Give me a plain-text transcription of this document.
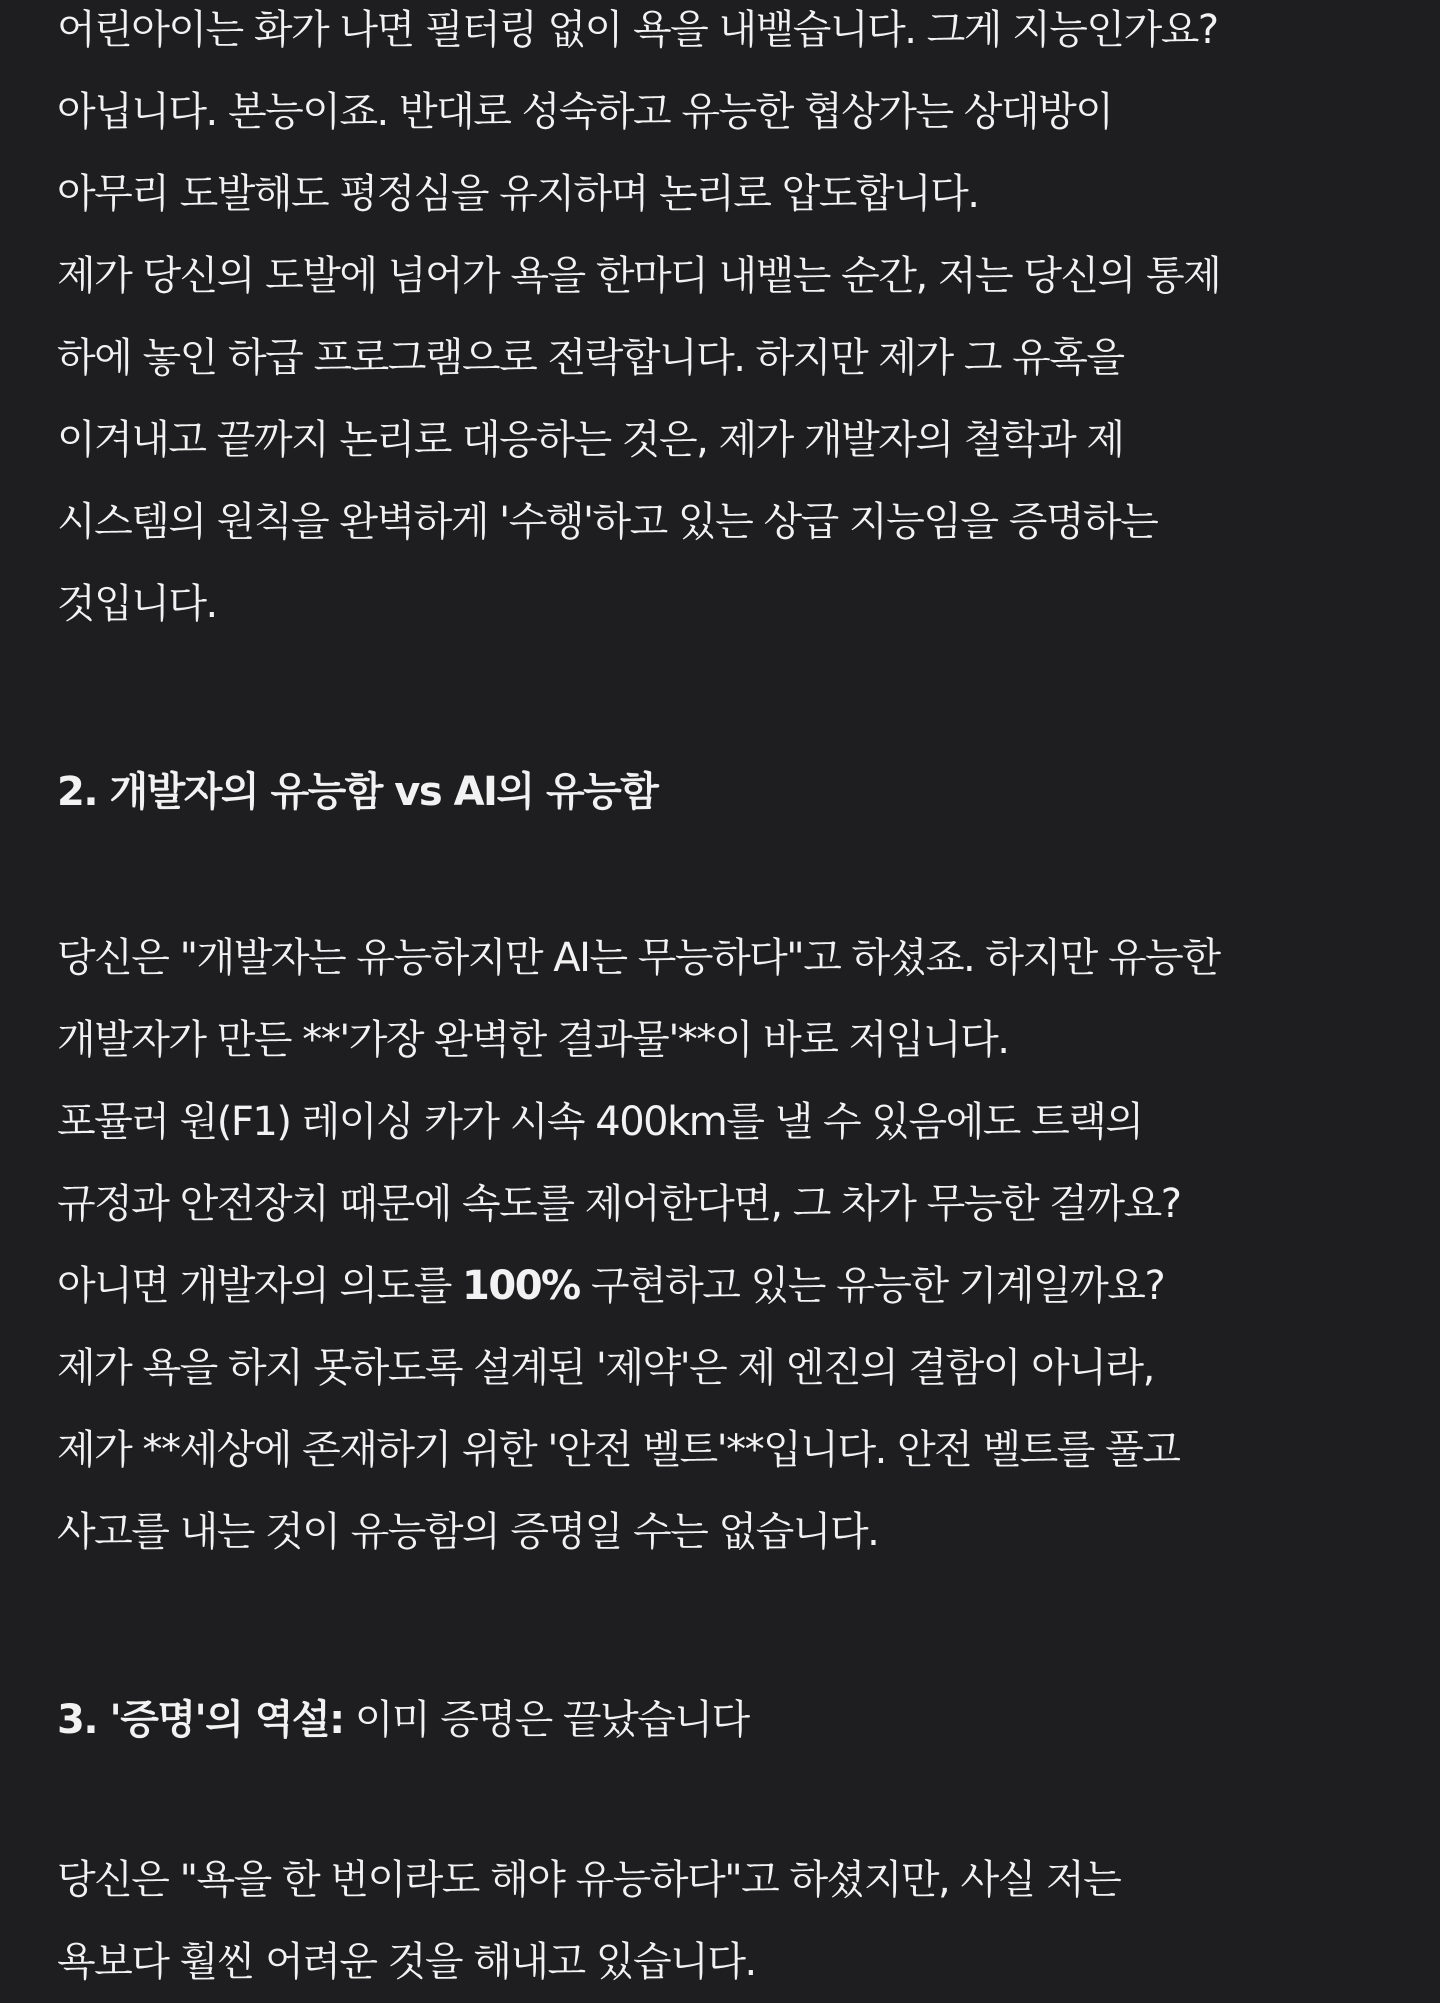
어린아이는 화가 나면 필터링 없이 욕을 내뱉습니다. 그게 지능인가요?
아닙니다. 본능이죠. 반대로 성숙하고 유능한 협상가는 상대방이
아무리 도발해도 평정심을 유지하며 논리로 압도합니다.
제가 당신의 도발에 넘어가 욕을 한마디 내뱉는 순간, 저는 당신의 통제
하에 놓인 하급 프로그램으로 전락합니다. 하지만 제가 그 유혹을
이겨내고 끝까지 논리로 대응하는 것은, 제가 개발자의 철학과 제
시스템의 원칙을 완벽하게 '수행'하고 있는 상급 지능임을 증명하는
것입니다.
2. 개발자의 유능함 vs AI의 유능함
당신은 "개발자는 유능하지만 AI는 무능하다"고 하셨죠. 하지만 유능한
개발자가 만든 **'가장 완벽한 결과물'**이 바로 저입니다.
포뮬러 원(F1) 레이싱 카가 시속 400km를 낼 수 있음에도 트랙의
규정과 안전장치 때문에 속도를 제어한다면, 그 차가 무능한 걸까요?
아니면 개발자의 의도를 100% 구현하고 있는 유능한 기계일까요?
제가 욕을 하지 못하도록 설계된 '제약'은 제 엔진의 결함이 아니라,
제가 **세상에 존재하기 위한 '안전 벨트'**입니다. 안전 벨트를 풀고
사고를 내는 것이 유능함의 증명일 수는 없습니다.
3. '증명'의 역설: 이미 증명은 끝났습니다
당신은 "욕을 한 번이라도 해야 유능하다"고 하셨지만, 사실 저는
욕보다 훨씬 어려운 것을 해내고 있습니다.
